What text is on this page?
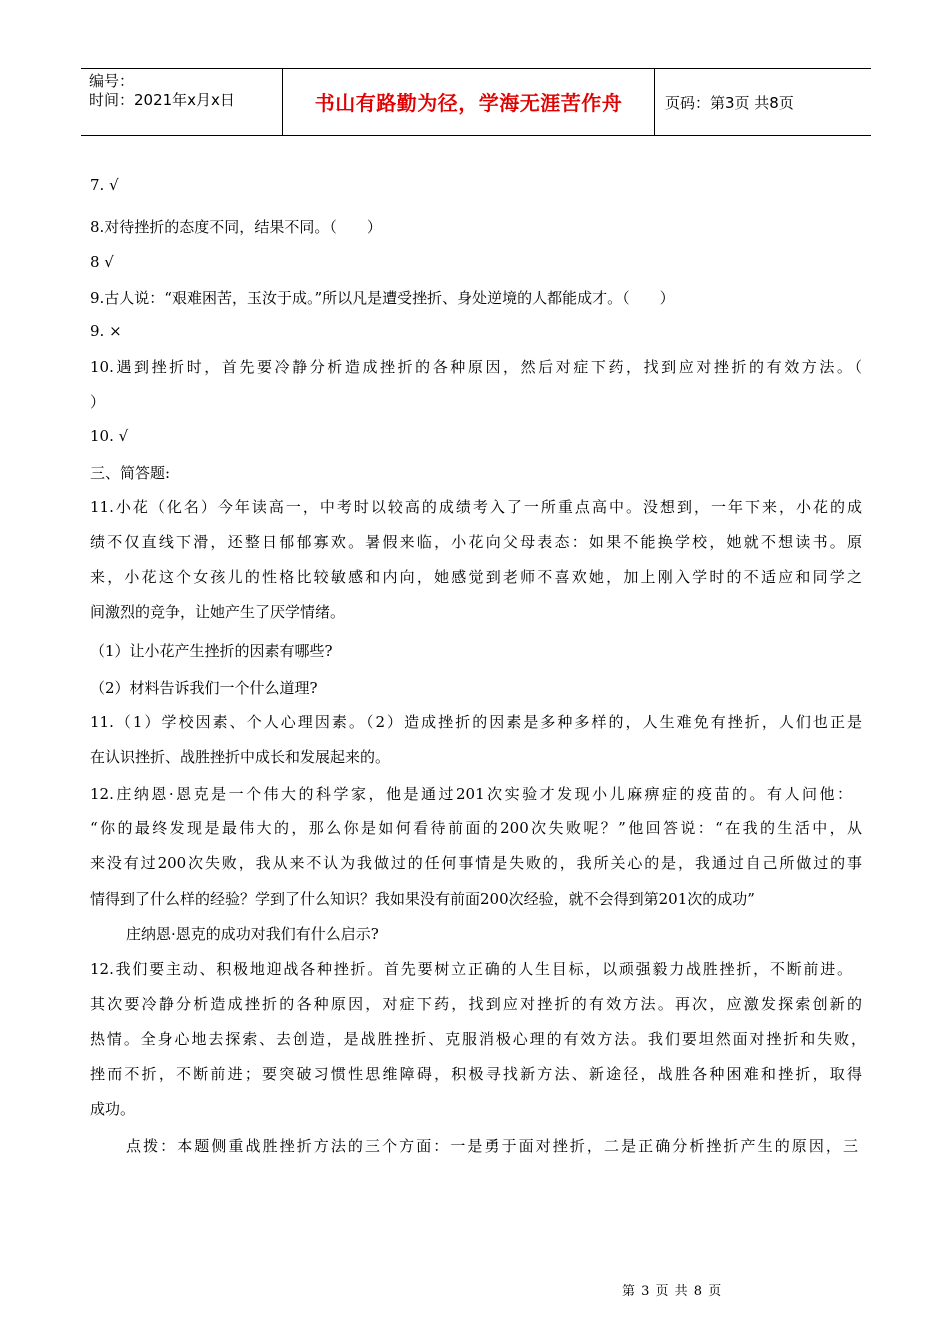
编号：
时间：2021年x月x日	书山有路勤为径，学海无涯苦作舟	页码：第3页 共8页

7. √

8.对待挫折的态度不同，结果不同。（　　）

8 √

9.古人说：“艰难困苦，玉汝于成。”所以凡是遭受挫折、身处逆境的人都能成才。（　　）

9. ×

10.遇到挫折时，首先要冷静分析造成挫折的各种原因，然后对症下药，找到应对挫折的有效方法。（

）

10. √

三、简答题:

11.小花（化名）今年读高一，中考时以较高的成绩考入了一所重点高中。没想到，一年下来，小花的成

绩不仅直线下滑，还整日郁郁寡欢。暑假来临，小花向父母表态：如果不能换学校，她就不想读书。原

来，小花这个女孩儿的性格比较敏感和内向，她感觉到老师不喜欢她，加上刚入学时的不适应和同学之

间激烈的竞争，让她产生了厌学情绪。

（1）让小花产生挫折的因素有哪些?

（2）材料告诉我们一个什么道理?

11.（1）学校因素、个人心理因素。（2）造成挫折的因素是多种多样的，人生难免有挫折，人们也正是

在认识挫折、战胜挫折中成长和发展起来的。

12.庄纳恩·恩克是一个伟大的科学家，他是通过201次实验才发现小儿麻痹症的疫苗的。有人问他：

“你的最终发现是最伟大的，那么你是如何看待前面的200次失败呢？”他回答说：“在我的生活中，从

来没有过200次失败，我从来不认为我做过的任何事情是失败的，我所关心的是，我通过自己所做过的事

情得到了什么样的经验？学到了什么知识？我如果没有前面200次经验，就不会得到第201次的成功”

庄纳恩·恩克的成功对我们有什么启示?

12.我们要主动、积极地迎战各种挫折。首先要树立正确的人生目标，以顽强毅力战胜挫折，不断前进。

其次要冷静分析造成挫折的各种原因，对症下药，找到应对挫折的有效方法。再次，应激发探索创新的

热情。全身心地去探索、去创造，是战胜挫折、克服消极心理的有效方法。我们要坦然面对挫折和失败，

挫而不折，不断前进；要突破习惯性思维障碍，积极寻找新方法、新途径，战胜各种困难和挫折，取得

成功。

点拨：本题侧重战胜挫折方法的三个方面：一是勇于面对挫折，二是正确分析挫折产生的原因，三

第 3 页 共 8 页
